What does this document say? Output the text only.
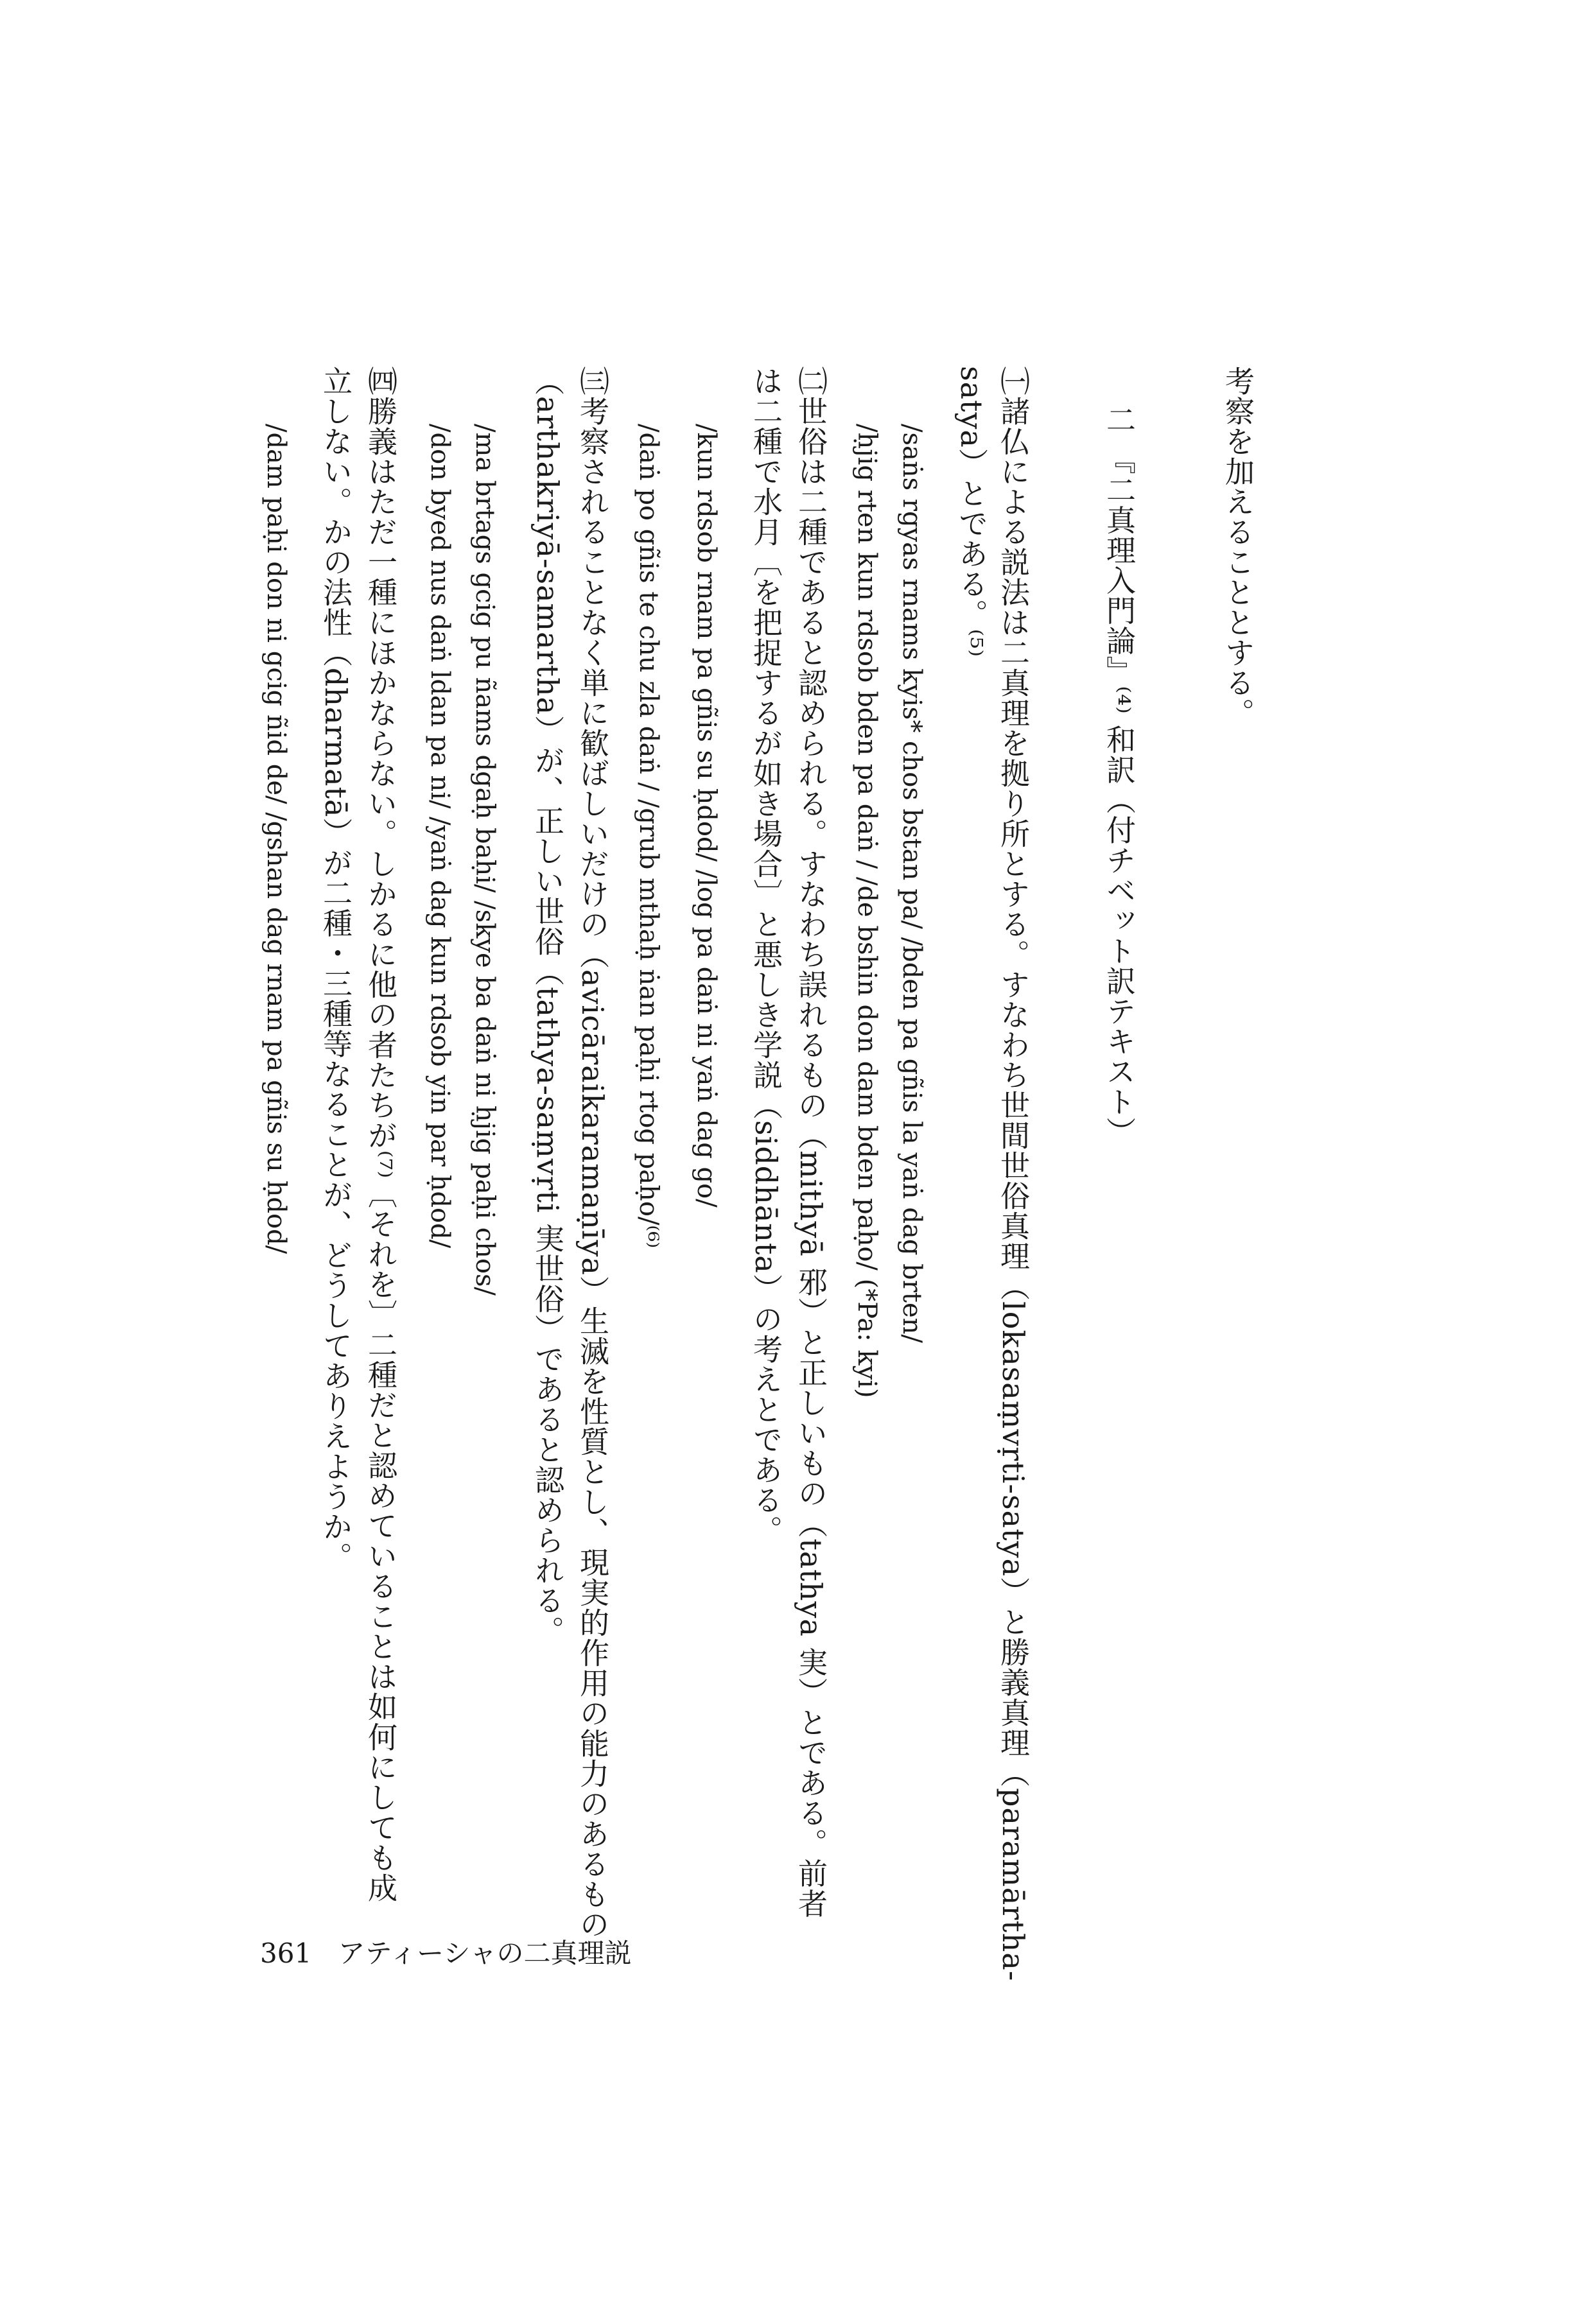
考察を加えることとする。
二 『二真理入門論』⁽⁴⁾ 和訳（付チベット訳テキスト）
㈠諸仏による説法は二真理を拠り所とする。すなわち世間世俗真理（lokasaṃvṛti-satya）と勝義真理（paramārtha-
satya）とである。⁽⁵⁾
/saṅs rgyas rnams kyis* chos bstan pa/ /bden pa gñis la yaṅ dag brten/
/ḥjig rten kun rdsob bden pa daṅ / /de bshin don dam bden paḥo/ (*Pa: kyi)
㈡世俗は二種であると認められる。すなわち誤れるもの（mithyā 邪）と正しいもの（tathya 実）とである。前者
は二種で水月〔を把捉するが如き場合〕と悪しき学説（siddhānta）の考えとである。
/kun rdsob rnam pa gñis su ḥdod/ /log pa daṅ ni yaṅ dag go/
/daṅ po gñis te chu zla daṅ / /grub mthaḥ ṅan paḥi rtog paḥo/⁽⁶⁾
㈢考察されることなく単に歓ばしいだけの（avicāraikaramaṇīya）生滅を性質とし、現実的作用の能力のあるもの
（arthakriyā-samartha）が、正しい世俗（tathya-saṃvṛti 実世俗）であると認められる。
/ma brtags gcig pu ñams dgaḥ baḥi/ /skye ba daṅ ni ḥjig paḥi chos/
/don byed nus daṅ ldan pa ni/ /yaṅ dag kun rdsob yin par ḥdod/
㈣勝義はただ一種にほかならない。しかるに他の者たちが⁽⁷⁾〔それを〕二種だと認めていることは如何にしても成
立しない。かの法性（dharmatā）が二種・三種等なることが、どうしてありえようか。
/dam paḥi don ni gcig ñid de/ /gshan dag rnam pa gñis su ḥdod/
361 アティーシャの二真理説
